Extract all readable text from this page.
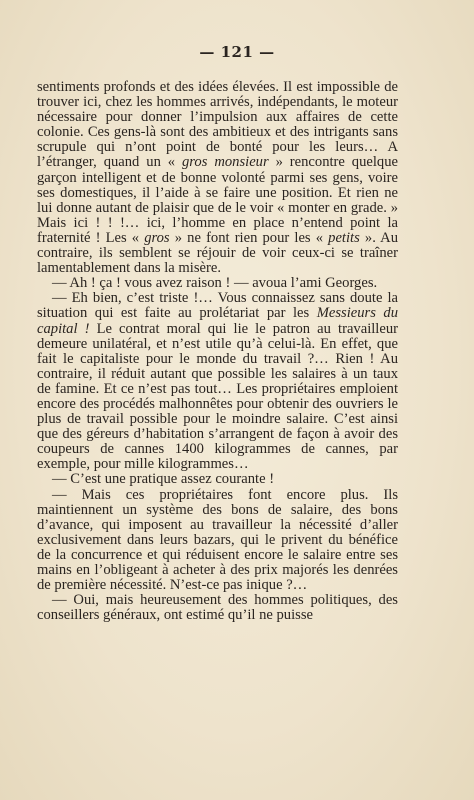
— 121 —

sentiments profonds et des idées élevées. Il est impossible de trouver ici, chez les hommes arrivés, indépendants, le moteur nécessaire pour donner l’impulsion aux affaires de cette colonie. Ces gens-là sont des ambitieux et des intrigants sans scrupule qui n’ont point de bonté pour les leurs… A l’étranger, quand un « gros monsieur » rencontre quelque garçon intelligent et de bonne volonté parmi ses gens, voire ses domestiques, il l’aide à se faire une position. Et rien ne lui donne autant de plaisir que de le voir « monter en grade. » Mais ici ! ! !… ici, l’homme en place n’entend point la fraternité ! Les « gros » ne font rien pour les « petits ». Au contraire, ils semblent se réjouir de voir ceux-ci se traîner lamentablement dans la misère.

— Ah ! ça ! vous avez raison ! — avoua l’ami Georges.

— Eh bien, c’est triste !… Vous connaissez sans doute la situation qui est faite au prolétariat par les Messieurs du capital ! Le contrat moral qui lie le patron au travailleur demeure unilatéral, et n’est utile qu’à celui-là. En effet, que fait le capitaliste pour le monde du travail ?… Rien ! Au contraire, il réduit autant que possible les salaires à un taux de famine. Et ce n’est pas tout… Les propriétaires emploient encore des procédés malhonnêtes pour obtenir des ouvriers le plus de travail possible pour le moindre salaire. C’est ainsi que des géreurs d’habitation s’arrangent de façon à avoir des coupeurs de cannes 1400 kilogrammes de cannes, par exemple, pour mille kilogrammes…

— C’est une pratique assez courante !

— Mais ces propriétaires font encore plus. Ils maintiennent un système des bons de salaire, des bons d’avance, qui imposent au travailleur la nécessité d’aller exclusivement dans leurs bazars, qui le privent du bénéfice de la concurrence et qui réduisent encore le salaire entre ses mains en l’obligeant à acheter à des prix majorés les denrées de première nécessité. N’est-ce pas inique ?…

— Oui, mais heureusement des hommes politiques, des conseillers généraux, ont estimé qu’il ne puisse
